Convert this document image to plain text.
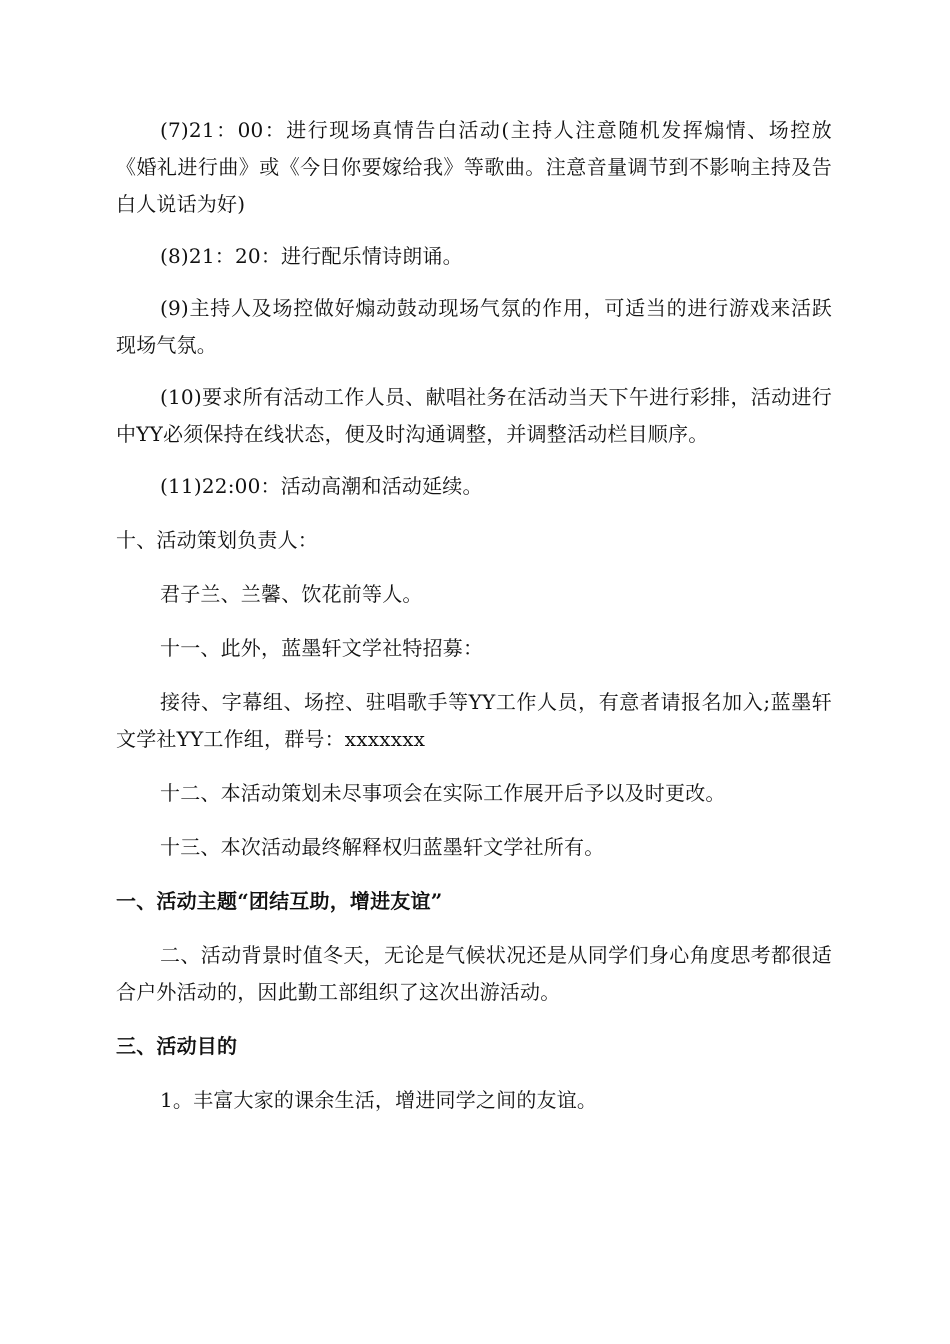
(7)21：00：进行现场真情告白活动(主持人注意随机发挥煽情、场控放《婚礼进行曲》或《今日你要嫁给我》等歌曲。注意音量调节到不影响主持及告白人说话为好)

(8)21：20：进行配乐情诗朗诵。

(9)主持人及场控做好煽动鼓动现场气氛的作用，可适当的进行游戏来活跃现场气氛。

(10)要求所有活动工作人员、献唱社务在活动当天下午进行彩排，活动进行中YY必须保持在线状态，便及时沟通调整，并调整活动栏目顺序。

(11)22:00：活动高潮和活动延续。

十、活动策划负责人：

君子兰、兰馨、饮花前等人。

十一、此外，蓝墨轩文学社特招募：

接待、字幕组、场控、驻唱歌手等YY工作人员，有意者请报名加入;蓝墨轩文学社YY工作组，群号：xxxxxxx

十二、本活动策划未尽事项会在实际工作展开后予以及时更改。

十三、本次活动最终解释权归蓝墨轩文学社所有。

一、活动主题“团结互助，增进友谊”

二、活动背景时值冬天，无论是气候状况还是从同学们身心角度思考都很适合户外活动的，因此勤工部组织了这次出游活动。

三、活动目的

1。丰富大家的课余生活，增进同学之间的友谊。
